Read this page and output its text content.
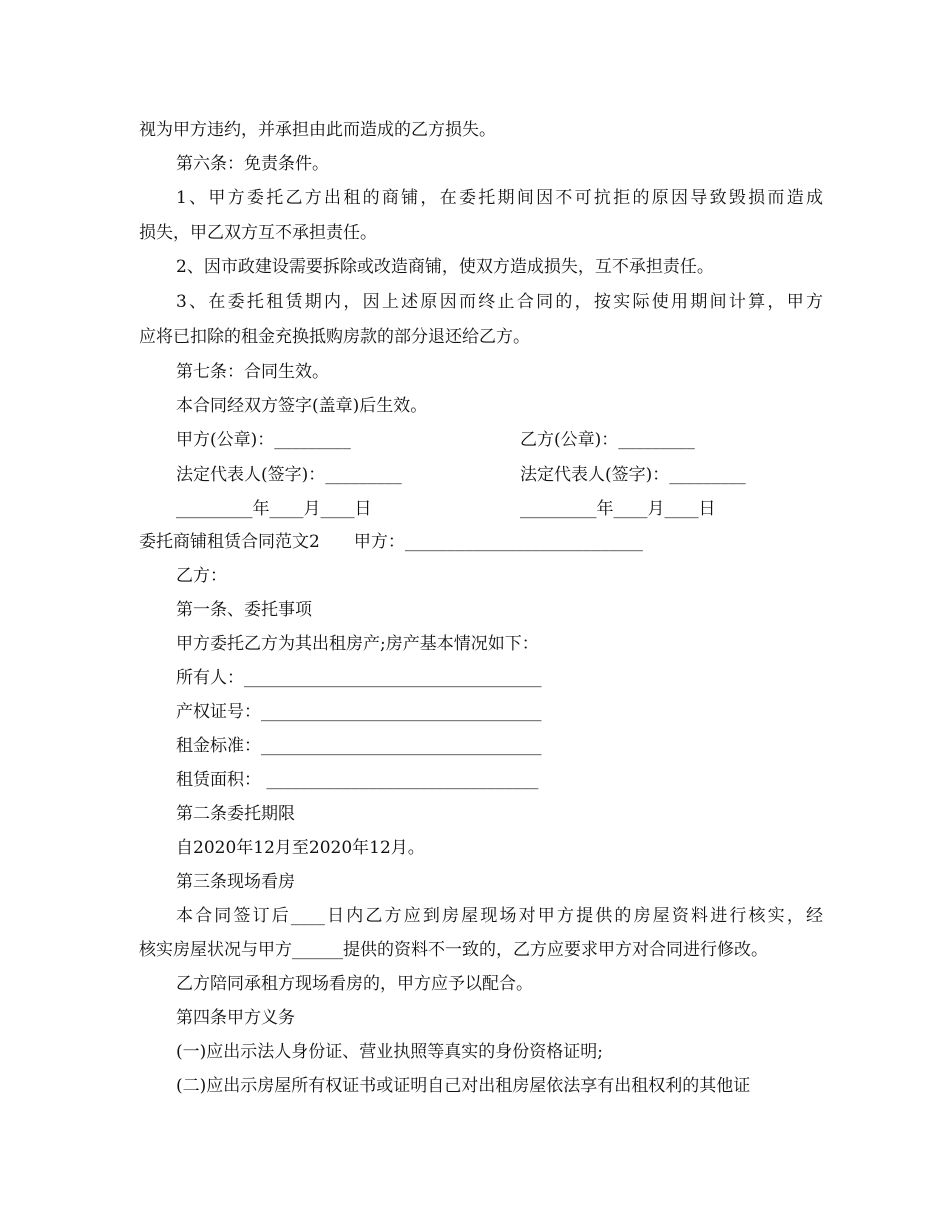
视为甲方违约，并承担由此而造成的乙方损失。
第六条：免责条件。
1、甲方委托乙方出租的商铺，在委托期间因不可抗拒的原因导致毁损而造成
损失，甲乙双方互不承担责任。
2、因市政建设需要拆除或改造商铺，使双方造成损失，互不承担责任。
3、在委托租赁期内，因上述原因而终止合同的，按实际使用期间计算，甲方
应将已扣除的租金充换抵购房款的部分退还给乙方。
第七条：合同生效。
本合同经双方签字(盖章)后生效。
甲方(公章)：_________	乙方(公章)：_________
法定代表人(签字)：_________	法定代表人(签字)：_________
_________年____月____日	_________年____月____日
委托商铺租赁合同范文2　　甲方：____________________________
乙方：
第一条、委托事项
甲方委托乙方为其出租房产;房产基本情况如下：
所有人：___________________________________
产权证号：_________________________________
租金标准：_________________________________
租赁面积： ________________________________
第二条委托期限
自2020年12月至2020年12月。
第三条现场看房
本合同签订后____日内乙方应到房屋现场对甲方提供的房屋资料进行核实，经
核实房屋状况与甲方______提供的资料不一致的，乙方应要求甲方对合同进行修改。
乙方陪同承租方现场看房的，甲方应予以配合。
第四条甲方义务
(一)应出示法人身份证、营业执照等真实的身份资格证明;
(二)应出示房屋所有权证书或证明自己对出租房屋依法享有出租权利的其他证
